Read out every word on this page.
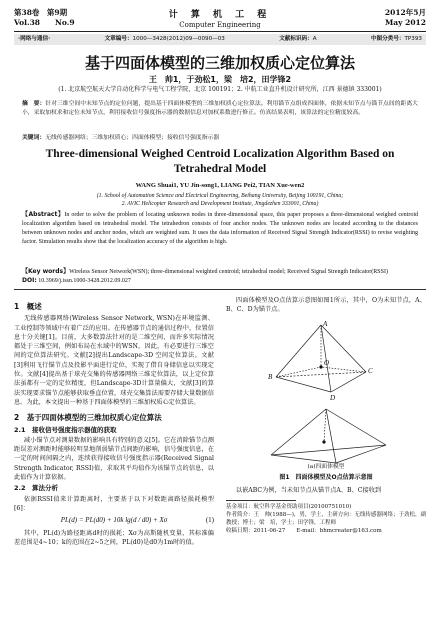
第38卷　第9期
Vol.38　　No.9
计 算 机 工 程
Computer Engineering
2012年5月
May 2012
·网络与通信·	文章编号：1000—3428(2012)09—0090—03	文献标识码：A	中图分类号：TP393
基于四面体模型的三维加权质心定位算法
王　帅1，于劲松1，梁　培2，田学锋2
(1. 北京航空航天大学自动化科学与电气工程学院，北京 100191；2. 中航工业直升机设计研究所，江西 景德镇 333001)
摘　要：针对三维空间中未知节点的定位问题，提出基于四面体模型的三维加权质心定位算法。利用锚节点组成四面体，依据未知节点与锚节点间的距离大小，采取加权求和定位未知节点，利用接收信号强度指示器的数据信息对加权系数进行修正。仿真结果表明，该算法的定位精度较高。
关键词：无线传感器网络；三维加权质心；四面体模型；接收信号强度指示器
Three-dimensional Weighed Centroid Localization Algorithm Based on Tetrahedral Model
WANG Shuai1, YU Jin-song1, LIANG Pei2, TIAN Xue-wen2
(1. School of Automation Science and Electrical Engineering, Beihang University, Beijing 100191, China;
2. AVIC Helicopter Research and Development Institute, Jingdezhen 333001, China)
【Abstract】In order to solve the problem of locating unknown nodes in three-dimensional space, this paper proposes a three-dimensional weighed centroid localization algorithm based on tetrahedral model. The tetrahedron consists of four anchor nodes. The unknown nodes are located according to the distances between unknown nodes and anchor nodes, which are weighted sum. It uses the data information of Received Signal Strength Indicator(RSSI) to revise weighting factor. Simulation results show that the localization accuracy of the algorithm is high.
【Key words】Wireless Sensor Network(WSN); three-dimensional weighted centroid; tetrahedral model; Received Signal Strength Indicator(RSSI)
DOI: 10.3969/j.issn.1000-3428.2012.09.027
1　概述

无线传感器网络(Wireless Sensor Network, WSN)在环境监测、工业控制等领域中有着广泛的应用。在传感器节点的通信过程中，位置信息十分关键[1]。目前，大多数算法针对的是二维空间，而许多实际情况都处于三维空间，例如布局在水域中的WSN，因此，有必要进行三维空间的定位算法研究。文献[2]提出Landscape-3D 空间定位算法。文献[3]利用飞行锚节点及投影平面进行定位，实现了借自身储信息以实现定位。文献[4]提出基于球壳交集的传感器网络三维定位算法，以上定位算法虽都有一定的定位精度，但Landscape-3D计算量偏大，文献[3]的算法实现要求锚节点能够获取垂直位置，球壳交集算法需要存储大量数据信息。为此，本文提出一种基于四面体模型的三维加权质心定位算法。

2　基于四面体模型的三维加权质心定位算法
2.1　接收信号强度指示器值的获取

减小锚节点对测量数据的影响具有特别的意义[5]。它在消除锚节点测距误差对测距时能够较明显地削弱锚节点间距的影响，信号强度信息，在一定的时间间隔之内，连续获得接收信号强度指示器(Received Signal Strength Indicator, RSSI)值，求取其平均值作为该锚节点的信息，以此值作为计算依据。

2.2　算法分析

依据RSSI值来计算距离时，主要基于以下对数距离路径损耗模型[6]：

PL(d) = PL(d0) + 10k lg(d / d0) + Xσ	(1)

其中，PL(d)为路径距离d时的损耗；Xσ为高斯随机变量，其标准偏差范围是4~10；k的范围在2~5之间，PL(d0)是d0为1m时的值。

四面体模型及O点估算示意图如图1所示，其中，O为未知节点，A、B、C、D为锚节点。

A
B
C
D
O
(a)四面体模型
图1　四面体模型及O点估算示意图

以嵌ABC为例，当未知节点从锚节点A、B、C接收到

基金项目：航空科学基金资助项目(20100751010)
作者简介：王　帅(1988—)，男，学士，主研方向：无线传感器网络；于劲松，副教授；博士；梁　培，学士；田学锋，工程师
收稿日期：2011-06-27　　E-mail：bhmcreater@163.com
